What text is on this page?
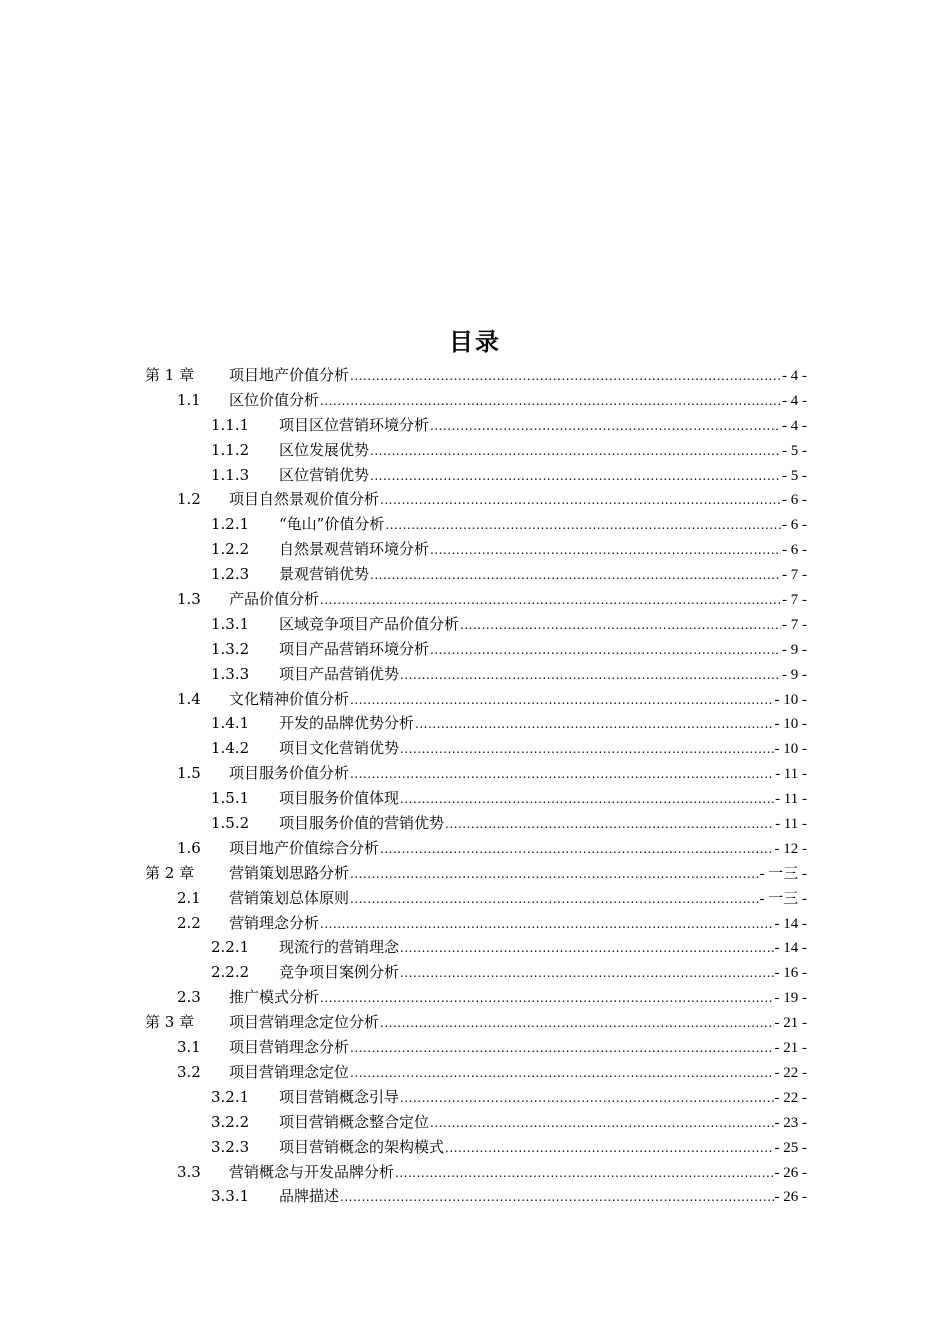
目录
第 1 章	项目地产价值分析 .....	- 4 -
1.1	区位价值分析 .....	- 4 -
1.1.1	项目区位营销环境分析 .....	- 4 -
1.1.2	区位发展优势 .....	- 5 -
1.1.3	区位营销优势 .....	- 5 -
1.2	项目自然景观价值分析 .....	- 6 -
1.2.1	“龟山”价值分析 .....	- 6 -
1.2.2	自然景观营销环境分析 .....	- 6 -
1.2.3	景观营销优势 .....	- 7 -
1.3	产品价值分析 .....	- 7 -
1.3.1	区域竞争项目产品价值分析 .....	- 7 -
1.3.2	项目产品营销环境分析 .....	- 9 -
1.3.3	项目产品营销优势 .....	- 9 -
1.4	文化精神价值分析 .....	- 10 -
1.4.1	开发的品牌优势分析 .....	- 10 -
1.4.2	项目文化营销优势 .....	- 10 -
1.5	项目服务价值分析 .....	- 11 -
1.5.1	项目服务价值体现 .....	- 11 -
1.5.2	项目服务价值的营销优势 .....	- 11 -
1.6	项目地产价值综合分析 .....	- 12 -
第 2 章	营销策划思路分析 .....	- 一三 -
2.1	营销策划总体原则 .....	- 一三 -
2.2	营销理念分析 .....	- 14 -
2.2.1	现流行的营销理念 .....	- 14 -
2.2.2	竞争项目案例分析 .....	- 16 -
2.3	推广模式分析 .....	- 19 -
第 3 章	项目营销理念定位分析 .....	- 21 -
3.1	项目营销理念分析 .....	- 21 -
3.2	项目营销理念定位 .....	- 22 -
3.2.1	项目营销概念引导 .....	- 22 -
3.2.2	项目营销概念整合定位 .....	- 23 -
3.2.3	项目营销概念的架构模式 .....	- 25 -
3.3	营销概念与开发品牌分析 .....	- 26 -
3.3.1	品牌描述 .....	- 26 -
